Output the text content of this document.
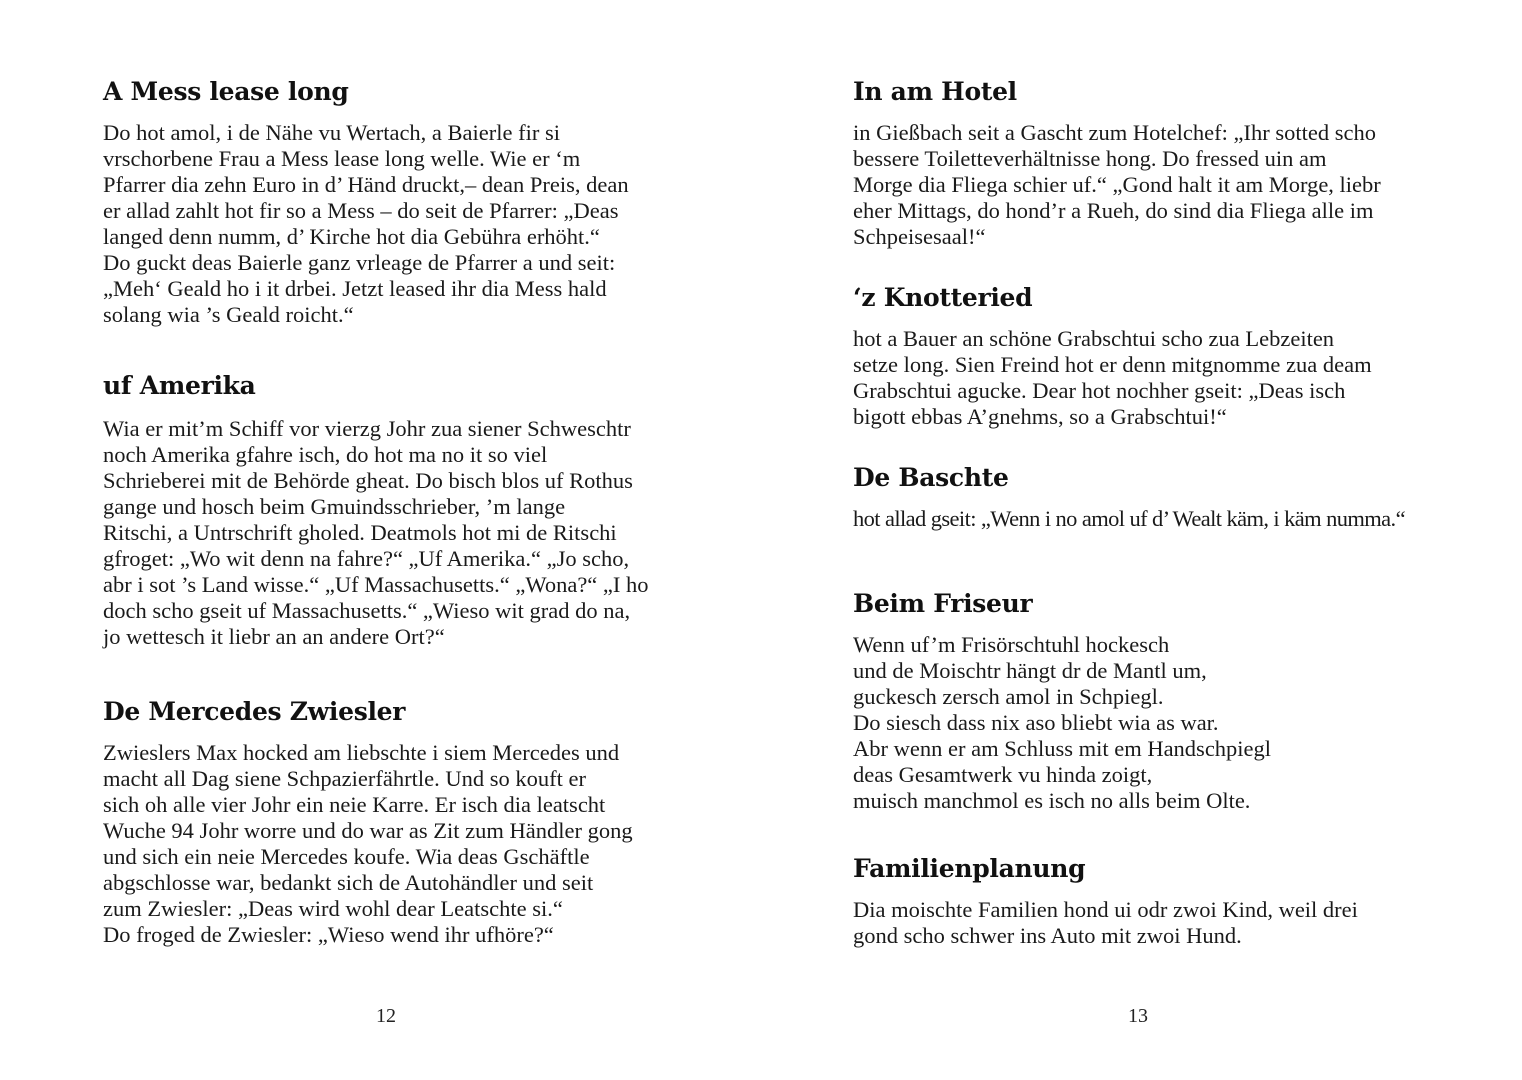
A Mess lease long
Do hot amol, i de Nähe vu Wertach, a Baierle fir si
vrschorbene Frau a Mess lease long welle. Wie er ‘m
Pfarrer dia zehn Euro in d’ Händ druckt,– dean Preis, dean
er allad zahlt hot fir so a Mess – do seit de Pfarrer: „Deas
langed denn numm, d’ Kirche hot dia Gebühra erhöht.“
Do guckt deas Baierle ganz vrleage de Pfarrer a und seit:
„Meh‘ Geald ho i it drbei. Jetzt leased ihr dia Mess hald
solang wia ’s Geald roicht.“
uf Amerika
Wia er mit’m Schiff vor vierzg Johr zua siener Schweschtr
noch Amerika gfahre isch, do hot ma no it so viel
Schrieberei mit de Behörde gheat. Do bisch blos uf Rothus
gange und hosch beim Gmuindsschrieber, ’m lange
Ritschi, a Untrschrift gholed. Deatmols hot mi de Ritschi
gfroget: „Wo wit denn na fahre?“ „Uf Amerika.“ „Jo scho,
abr i sot ’s Land wisse.“ „Uf Massachusetts.“ „Wona?“ „I ho
doch scho gseit uf Massachusetts.“ „Wieso wit grad do na,
jo wettesch it liebr an an andere Ort?“
De Mercedes Zwiesler
Zwieslers Max hocked am liebschte i siem Mercedes und
macht all Dag siene Schpazierfährtle. Und so kouft er
sich oh alle vier Johr ein neie Karre. Er isch dia leatscht
Wuche 94 Johr worre und do war as Zit zum Händler gong
und sich ein neie Mercedes koufe. Wia deas Gschäftle
abgschlosse war, bedankt sich de Autohändler und seit
zum Zwiesler: „Deas wird wohl dear Leatschte si.“
Do froged de Zwiesler: „Wieso wend ihr ufhöre?“
12
In am Hotel
in Gießbach seit a Gascht zum Hotelchef: „Ihr sotted scho
bessere Toiletteverhältnisse hong. Do fressed uin am
Morge dia Fliega schier uf.“ „Gond halt it am Morge, liebr
eher Mittags, do hond’r a Rueh, do sind dia Fliega alle im
Schpeisesaal!“
‘z Knotteried
hot a Bauer an schöne Grabschtui scho zua Lebzeiten
setze long. Sien Freind hot er denn mitgnomme zua deam
Grabschtui agucke. Dear hot nochher gseit: „Deas isch
bigott ebbas A’gnehms, so a Grabschtui!“
De Baschte
hot allad gseit: „Wenn i no amol uf d’ Wealt käm, i käm numma.“
Beim Friseur
Wenn uf’m Frisörschtuhl hockesch
und de Moischtr hängt dr de Mantl um,
guckesch zersch amol in Schpiegl.
Do siesch dass nix aso bliebt wia as war.
Abr wenn er am Schluss mit em Handschpiegl
deas Gesamtwerk vu hinda zoigt,
muisch manchmol es isch no alls beim Olte.
Familienplanung
Dia moischte Familien hond ui odr zwoi Kind, weil drei
gond scho schwer ins Auto mit zwoi Hund.
13
